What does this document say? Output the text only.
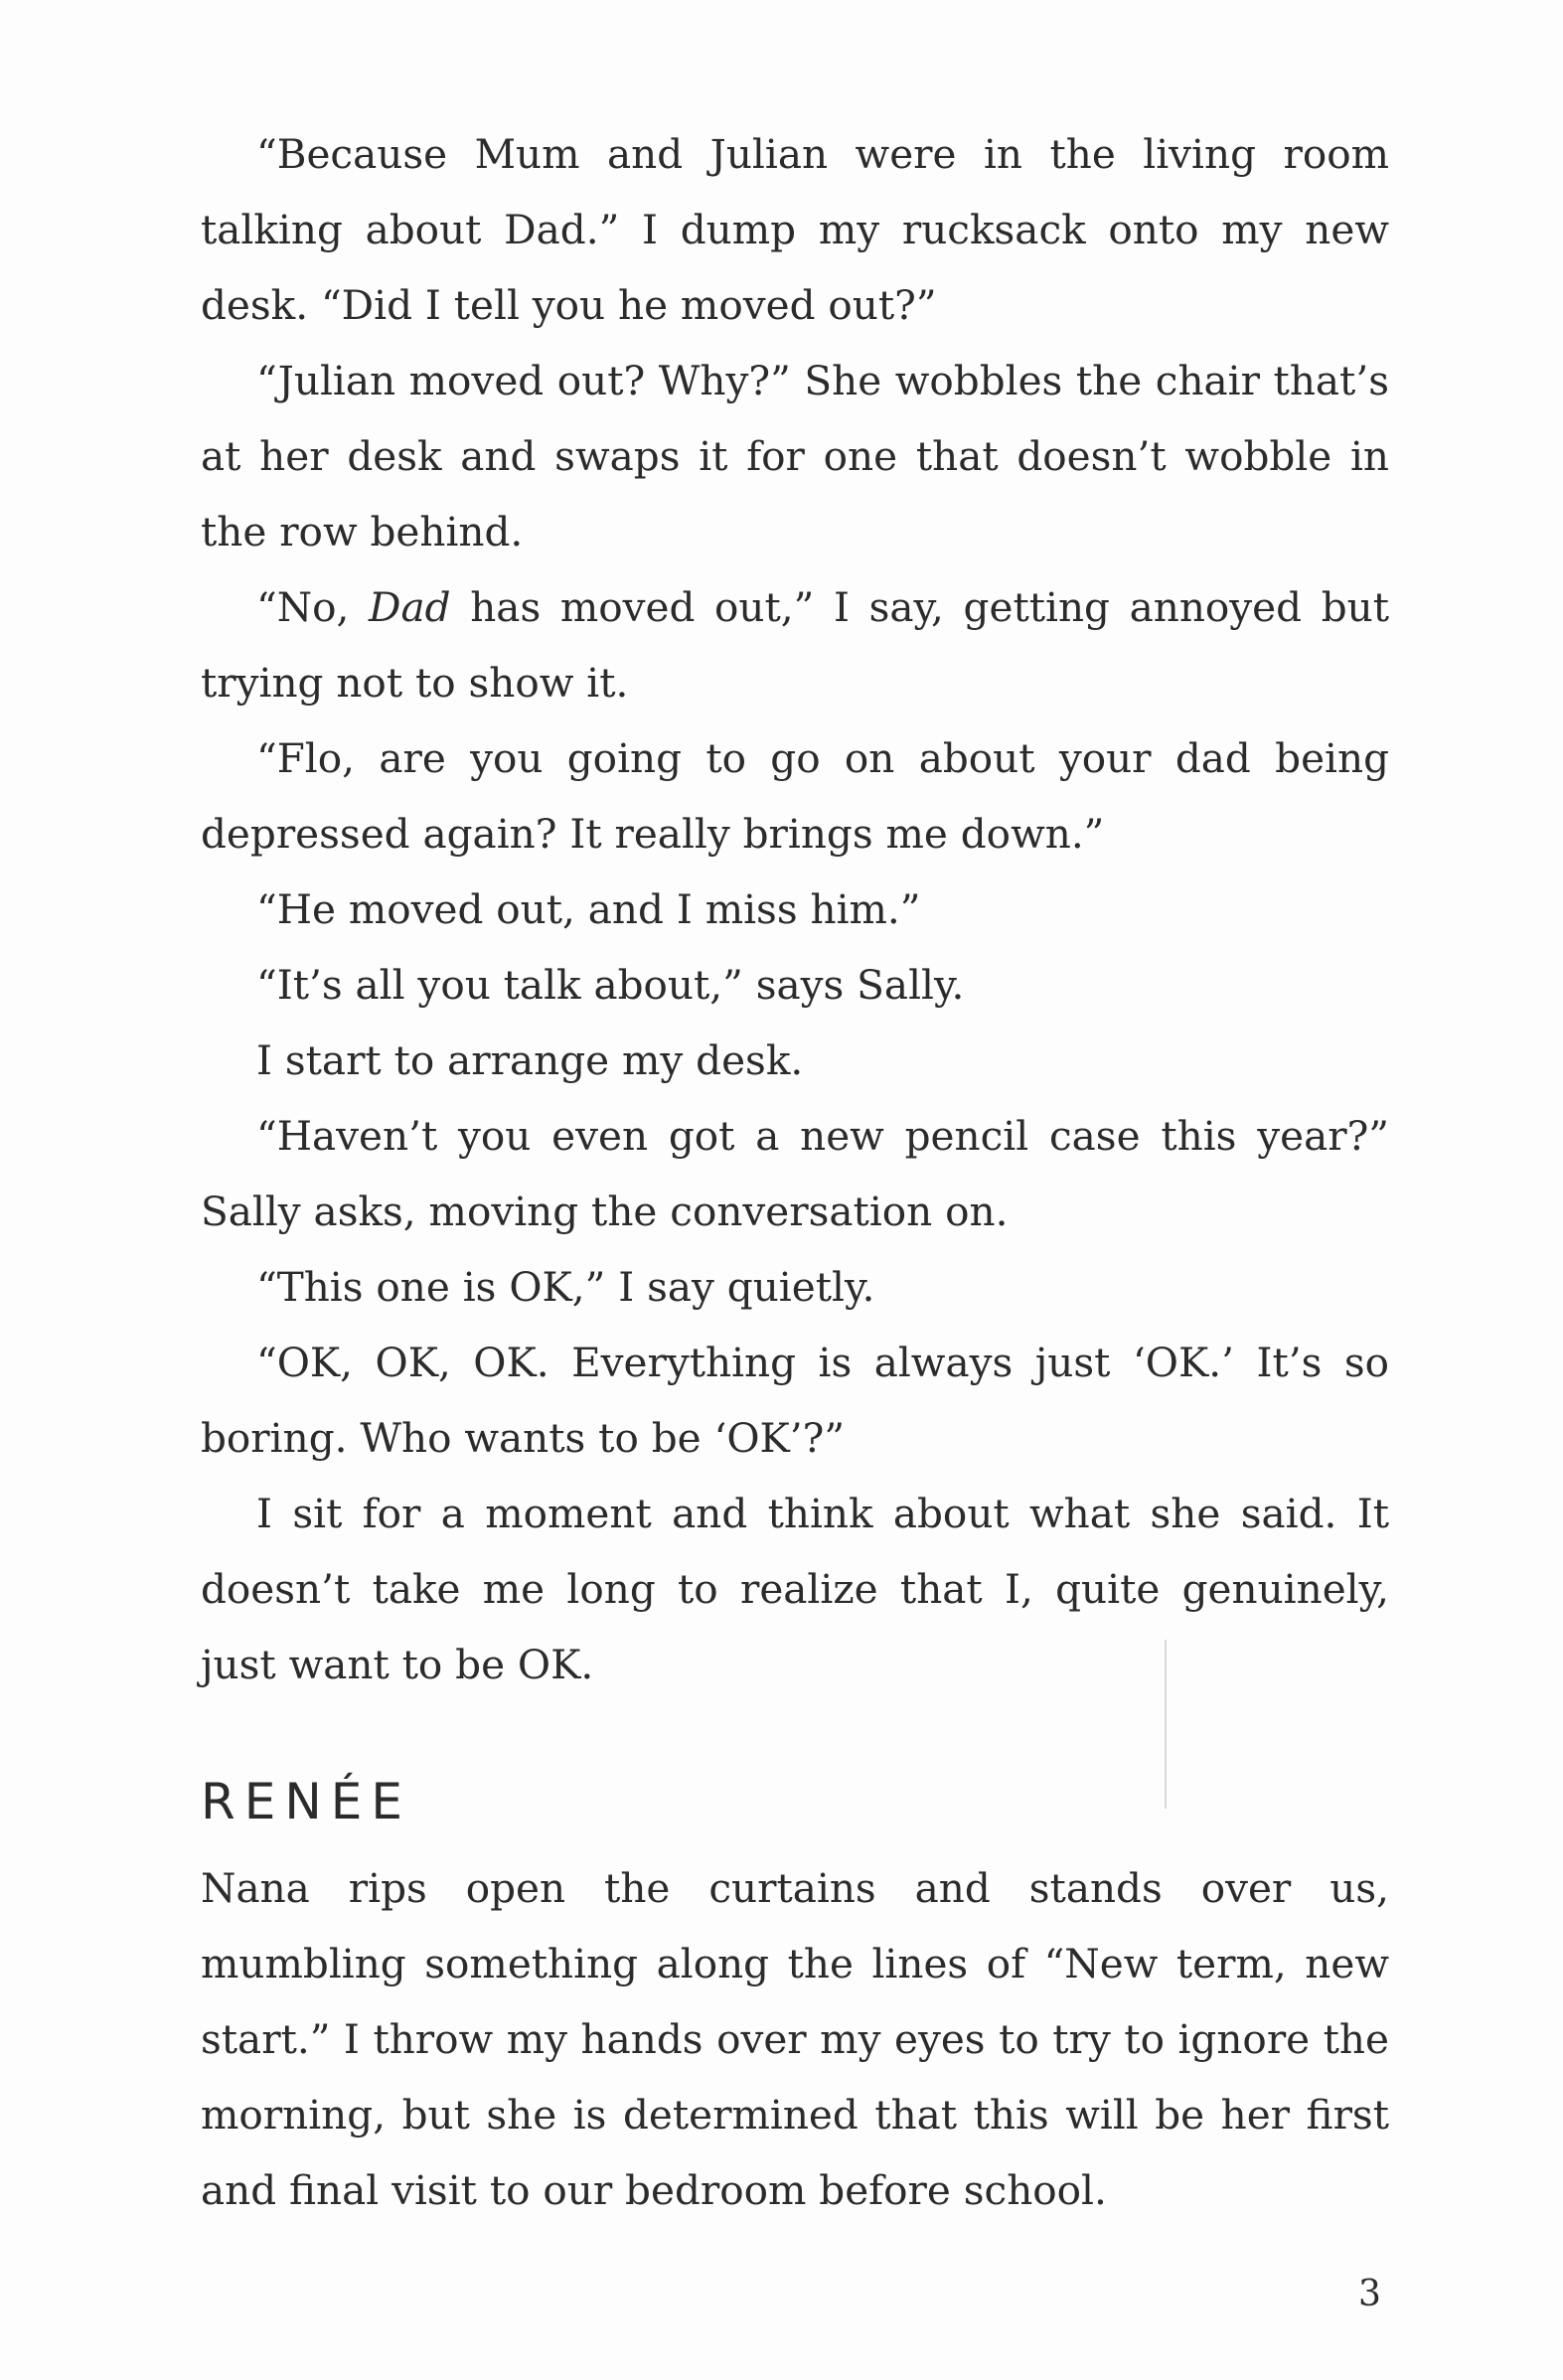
“Because Mum and Julian were in the living room talking about Dad.” I dump my rucksack onto my new desk. “Did I tell you he moved out?”

“Julian moved out? Why?” She wobbles the chair that’s at her desk and swaps it for one that doesn’t wobble in the row behind.

“No, Dad has moved out,” I say, getting annoyed but trying not to show it.

“Flo, are you going to go on about your dad being depressed again? It really brings me down.”

“He moved out, and I miss him.”

“It’s all you talk about,” says Sally.

I start to arrange my desk.

“Haven’t you even got a new pencil case this year?” Sally asks, moving the conversation on.

“This one is OK,” I say quietly.

“OK, OK, OK. Everything is always just ‘OK.’ It’s so boring. Who wants to be ‘OK’?”

I sit for a moment and think about what she said. It doesn’t take me long to realize that I, quite genuinely, just want to be OK.

RENÉE

Nana rips open the curtains and stands over us, mumbling something along the lines of “New term, new start.” I throw my hands over my eyes to try to ignore the morning, but she is determined that this will be her first and final visit to our bedroom before school.

3
